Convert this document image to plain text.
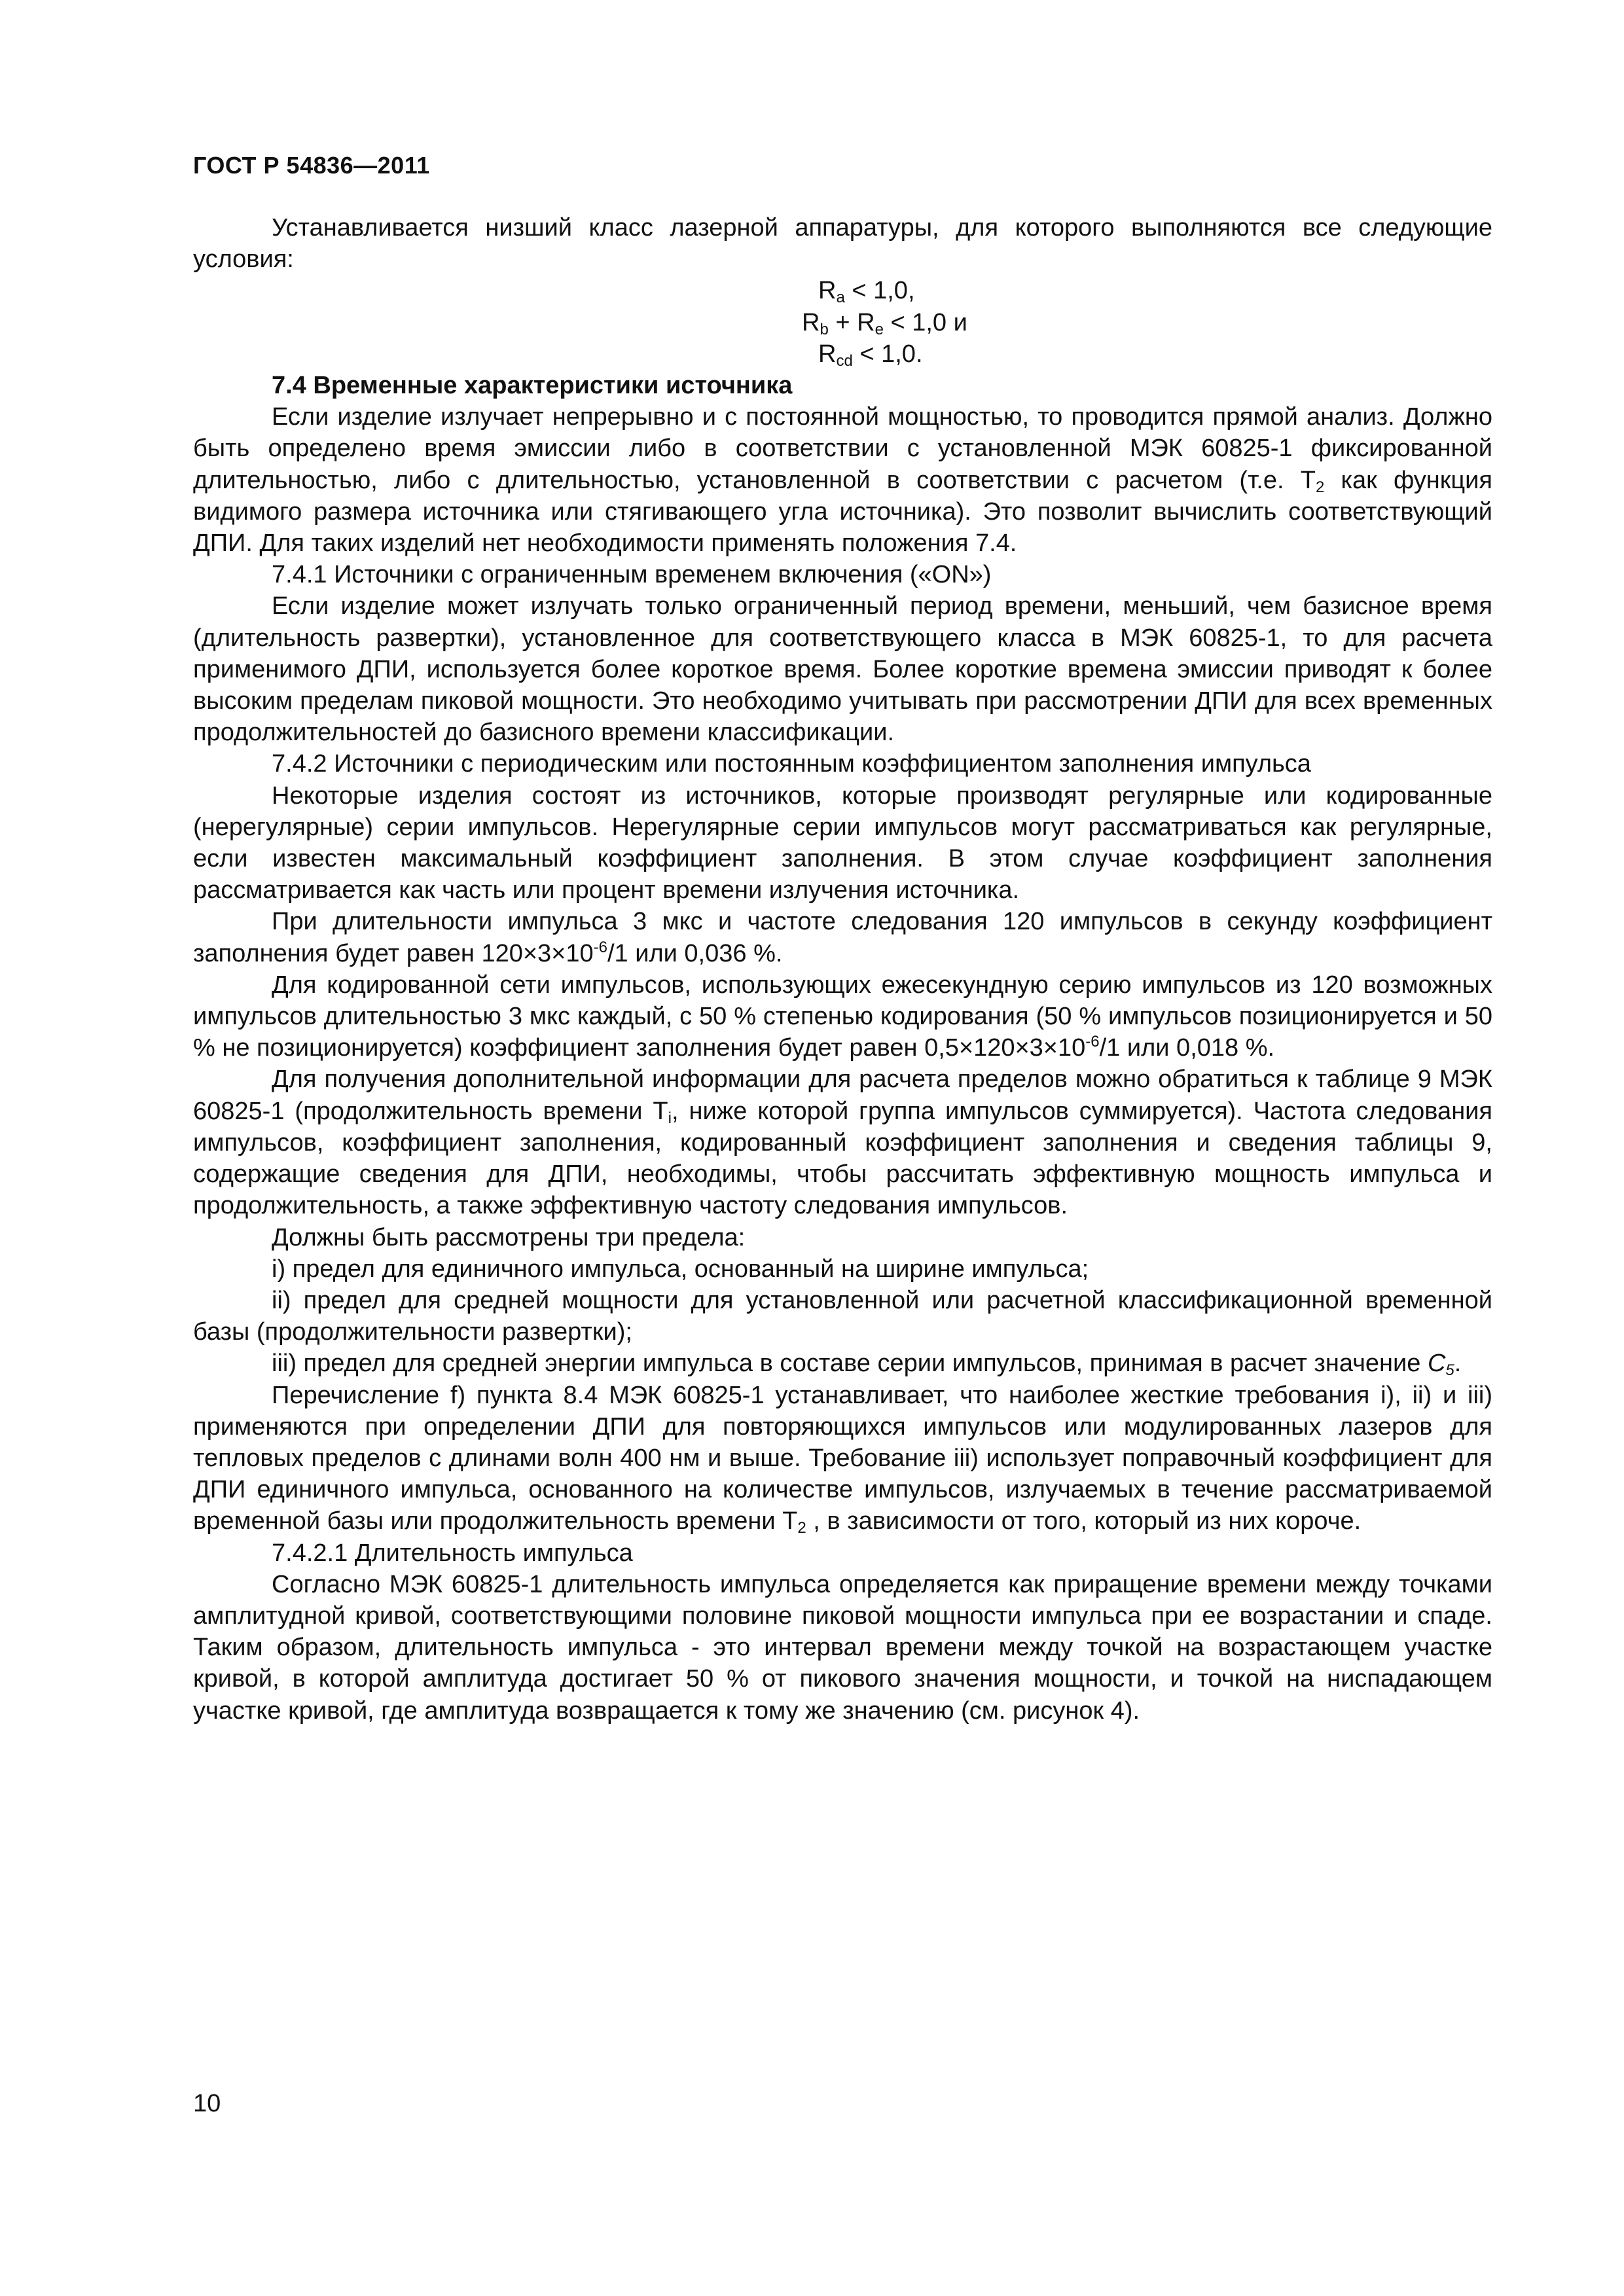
ГОСТ Р 54836—2011

Устанавливается низший класс лазерной аппаратуры, для которого выполняются все следующие условия:

$R_a < 1,0$,
$R_b + R_e < 1,0$ и
$R_{cd} < 1,0$.

7.4 Временные характеристики источника

Если изделие излучает непрерывно и с постоянной мощностью, то проводится прямой анализ. Должно быть определено время эмиссии либо в соответствии с установленной МЭК 60825-1 фиксированной длительностью, либо с длительностью, установленной в соответствии с расчетом (т.е. $T_2$ как функция видимого размера источника или стягивающего угла источника). Это позволит вычислить соответствующий ДПИ. Для таких изделий нет необходимости применять положения 7.4.

7.4.1 Источники с ограниченным временем включения («ON»)

Если изделие может излучать только ограниченный период времени, меньший, чем базисное время (длительность развертки), установленное для соответствующего класса в МЭК 60825-1, то для расчета применимого ДПИ, используется более короткое время. Более короткие времена эмиссии приводят к более высоким пределам пиковой мощности. Это необходимо учитывать при рассмотрении ДПИ для всех временных продолжительностей до базисного времени классификации.

7.4.2 Источники с периодическим или постоянным коэффициентом заполнения импульса

Некоторые изделия состоят из источников, которые производят регулярные или кодированные (нерегулярные) серии импульсов. Нерегулярные серии импульсов могут рассматриваться как регулярные, если известен максимальный коэффициент заполнения. В этом случае коэффициент заполнения рассматривается как часть или процент времени излучения источника.

При длительности импульса 3 мкс и частоте следования 120 импульсов в секунду коэффициент заполнения будет равен $120\times 3\times 10^{-6}/1$ или 0,036 %.

Для кодированной сети импульсов, использующих ежесекундную серию импульсов из 120 возможных импульсов длительностью 3 мкс каждый, с 50 % степенью кодирования (50 % импульсов позиционируется и 50 % не позиционируется) коэффициент заполнения будет равен $0,5\times 120\times 3\times 10^{-6}/1$ или 0,018 %.

Для получения дополнительной информации для расчета пределов можно обратиться к таблице 9 МЭК 60825-1 (продолжительность времени $T_i$, ниже которой группа импульсов суммируется). Частота следования импульсов, коэффициент заполнения, кодированный коэффициент заполнения и сведения таблицы 9, содержащие сведения для ДПИ, необходимы, чтобы рассчитать эффективную мощность импульса и продолжительность, а также эффективную частоту следования импульсов.

Должны быть рассмотрены три предела:

i) предел для единичного импульса, основанный на ширине импульса;

ii) предел для средней мощности для установленной или расчетной классификационной временной базы (продолжительности развертки);

iii) предел для средней энергии импульса в составе серии импульсов, принимая в расчет значение $C_5$.

Перечисление f) пункта 8.4 МЭК 60825-1 устанавливает, что наиболее жесткие требования i), ii) и iii) применяются при определении ДПИ для повторяющихся импульсов или модулированных лазеров для тепловых пределов с длинами волн 400 нм и выше. Требование iii) использует поправочный коэффициент для ДПИ единичного импульса, основанного на количестве импульсов, излучаемых в течение рассматриваемой временной базы или продолжительность времени $T_2$ , в зависимости от того, который из них короче.

7.4.2.1 Длительность импульса

Согласно МЭК 60825-1 длительность импульса определяется как приращение времени между точками амплитудной кривой, соответствующими половине пиковой мощности импульса при ее возрастании и спаде. Таким образом, длительность импульса - это интервал времени между точкой на возрастающем участке кривой, в которой амплитуда достигает 50 % от пикового значения мощности, и точкой на ниспадающем участке кривой, где амплитуда возвращается к тому же значению (см. рисунок 4).

10
